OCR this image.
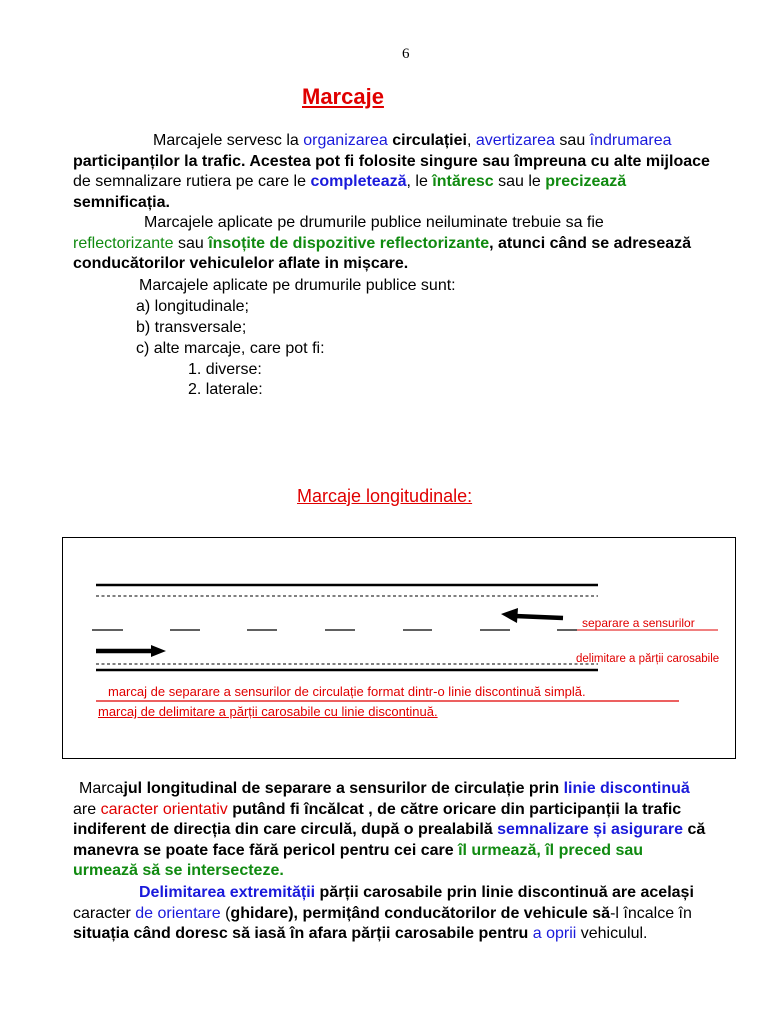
6
Marcaje
Marcajele servesc la organizarea circulației, avertizarea sau îndrumarea
participanților la trafic. Acestea pot fi folosite singure sau împreuna cu alte mijloace
de semnalizare rutiera pe care le completează, le întăresc sau le precizează
semnificația.
Marcajele aplicate pe drumurile publice neiluminate trebuie sa fie
reflectorizante sau însoțite de dispozitive reflectorizante, atunci când se adresează
conducătorilor vehiculelor aflate in mișcare.
Marcajele aplicate pe drumurile publice sunt:
a) longitudinale;
b) transversale;
c) alte marcaje, care pot fi:
1. diverse:
2. laterale:
Marcaje longitudinale:
separare a sensurilor
delimitare a părții carosabile
marcaj de separare a sensurilor de circulație format dintr-o linie discontinuă simplă.
marcaj de delimitare a părții carosabile cu linie discontinuă.
Marcajul longitudinal de separare a sensurilor de circulație prin linie discontinuă
are caracter orientativ putând fi încălcat , de către oricare din participanții la trafic
indiferent de direcția din care circulă, după o prealabilă semnalizare și asigurare că
manevra se poate face fără pericol pentru cei care îl urmează, îl preced sau
urmează să se intersecteze.
Delimitarea extremității părții carosabile prin linie discontinuă are același
caracter de orientare (ghidare), permițând conducătorilor de vehicule să-l încalce în
situația când doresc să iasă în afara părții carosabile pentru a oprii vehiculul.
